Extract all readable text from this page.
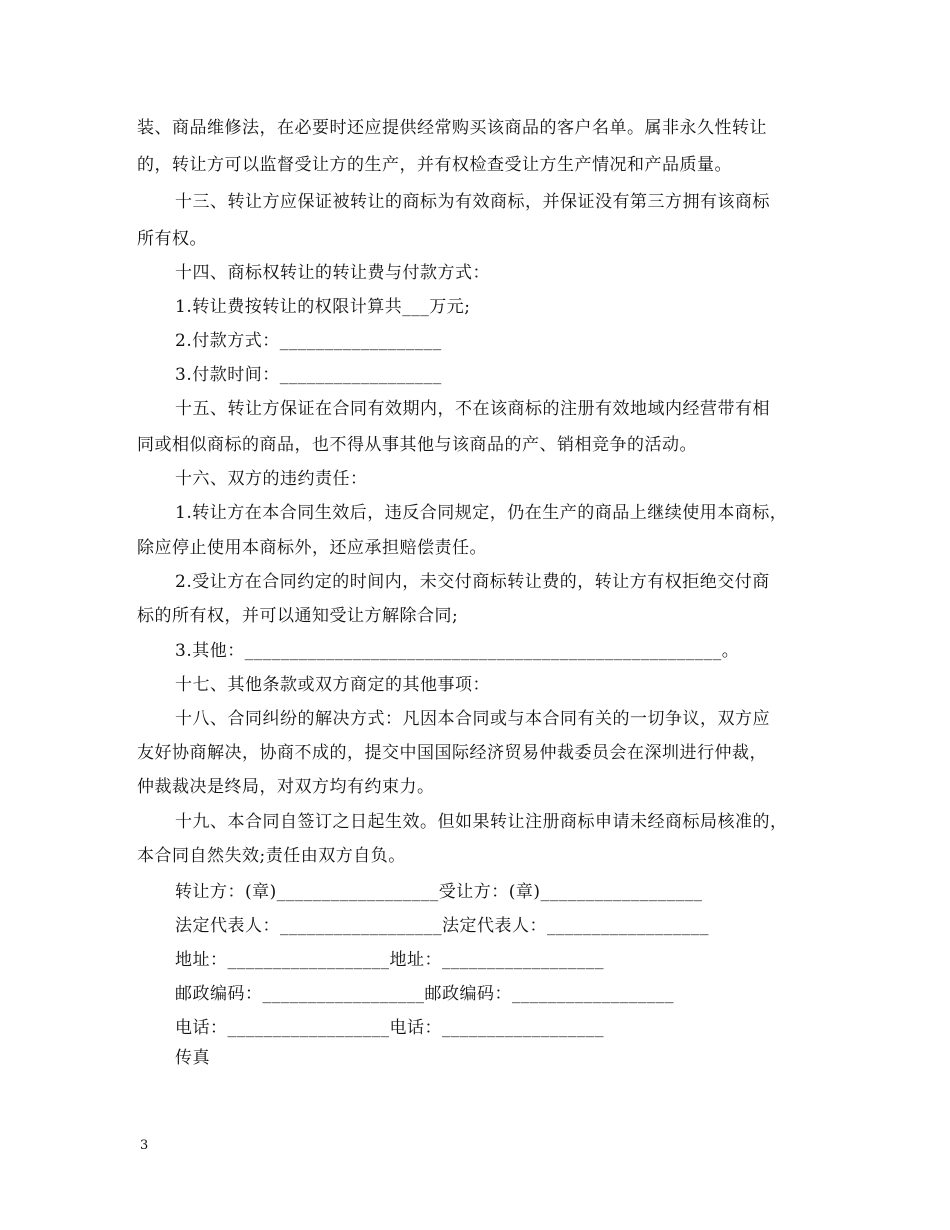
装、商品维修法，在必要时还应提供经常购买该商品的客户名单。属非永久性转让
的，转让方可以监督受让方的生产，并有权检查受让方生产情况和产品质量。
十三、转让方应保证被转让的商标为有效商标，并保证没有第三方拥有该商标
所有权。
十四、商标权转让的转让费与付款方式：
1.转让费按转让的权限计算共___万元;
2.付款方式：__________________
3.付款时间：__________________
十五、转让方保证在合同有效期内，不在该商标的注册有效地域内经营带有相
同或相似商标的商品，也不得从事其他与该商品的产、销相竞争的活动。
十六、双方的违约责任：
1.转让方在本合同生效后，违反合同规定，仍在生产的商品上继续使用本商标，
除应停止使用本商标外，还应承担赔偿责任。
2.受让方在合同约定的时间内，未交付商标转让费的，转让方有权拒绝交付商
标的所有权，并可以通知受让方解除合同;
3.其他：_____________________________________________________。
十七、其他条款或双方商定的其他事项：
十八、合同纠纷的解决方式：凡因本合同或与本合同有关的一切争议，双方应
友好协商解决，协商不成的，提交中国国际经济贸易仲裁委员会在深圳进行仲裁，
仲裁裁决是终局，对双方均有约束力。
十九、本合同自签订之日起生效。但如果转让注册商标申请未经商标局核准的，
本合同自然失效;责任由双方自负。
转让方：(章)__________________受让方：(章)__________________
法定代表人：__________________法定代表人：__________________
地址：__________________地址：__________________
邮政编码：__________________邮政编码：__________________
电话：__________________电话：__________________
传真
3
